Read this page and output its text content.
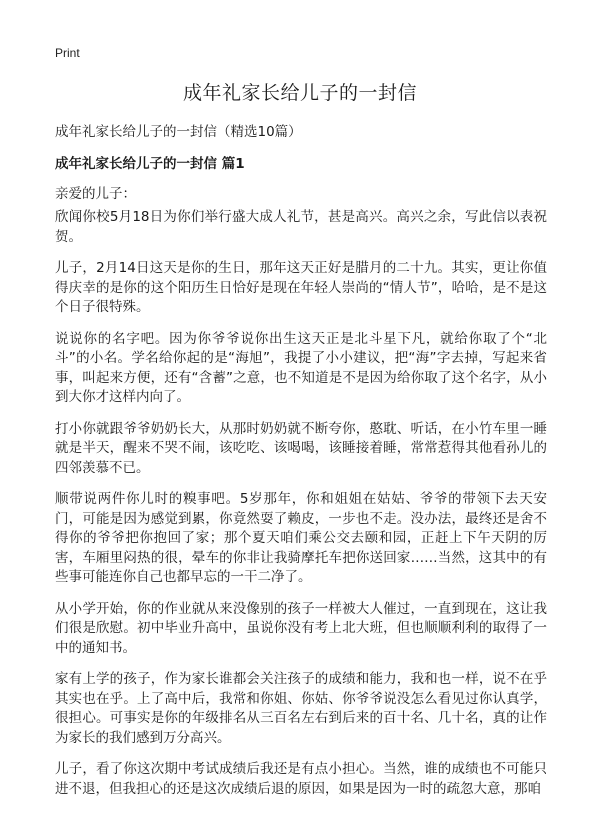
Print
成年礼家长给儿子的一封信

成年礼家长给儿子的一封信（精选10篇）

成年礼家长给儿子的一封信 篇1

亲爱的儿子：

欣闻你校5月18日为你们举行盛大成人礼节，甚是高兴。高兴之余，写此信以表祝贺。

儿子，2月14日这天是你的生日，那年这天正好是腊月的二十九。其实，更让你值得庆幸的是你的这个阳历生日恰好是现在年轻人崇尚的“情人节”，哈哈，是不是这个日子很特殊。

说说你的名字吧。因为你爷爷说你出生这天正是北斗星下凡，就给你取了个“北斗”的小名。学名给你起的是“海旭”，我提了小小建议，把“海”字去掉，写起来省事，叫起来方便，还有“含蓄”之意，也不知道是不是因为给你取了这个名字，从小到大你才这样内向了。

打小你就跟爷爷奶奶长大，从那时奶奶就不断夸你，憨耽、听话，在小竹车里一睡就是半天，醒来不哭不闹，该吃吃、该喝喝，该睡接着睡，常常惹得其他看孙儿的四邻羡慕不已。

顺带说两件你儿时的糗事吧。5岁那年，你和姐姐在姑姑、爷爷的带领下去天安门，可能是因为感觉到累，你竟然耍了赖皮，一步也不走。没办法，最终还是舍不得你的爷爷把你抱回了家；那个夏天咱们乘公交去颐和园，正赶上下午天阴的厉害，车厢里闷热的很，晕车的你非让我骑摩托车把你送回家……当然，这其中的有些事可能连你自己也都早忘的一干二净了。

从小学开始，你的作业就从来没像别的孩子一样被大人催过，一直到现在，这让我们很是欣慰。初中毕业升高中，虽说你没有考上北大班，但也顺顺利利的取得了一中的通知书。

家有上学的孩子，作为家长谁都会关注孩子的成绩和能力，我和也一样，说不在乎其实也在乎。上了高中后，我常和你姐、你姑、你爷爷说没怎么看见过你认真学，很担心。可事实是你的年级排名从三百名左右到后来的百十名、几十名，真的让作为家长的我们感到万分高兴。

儿子，看了你这次期中考试成绩后我还是有点小担心。当然，谁的成绩也不可能只进不退，但我担心的还是这次成绩后退的原因，如果是因为一时的疏忽大意，那咱
